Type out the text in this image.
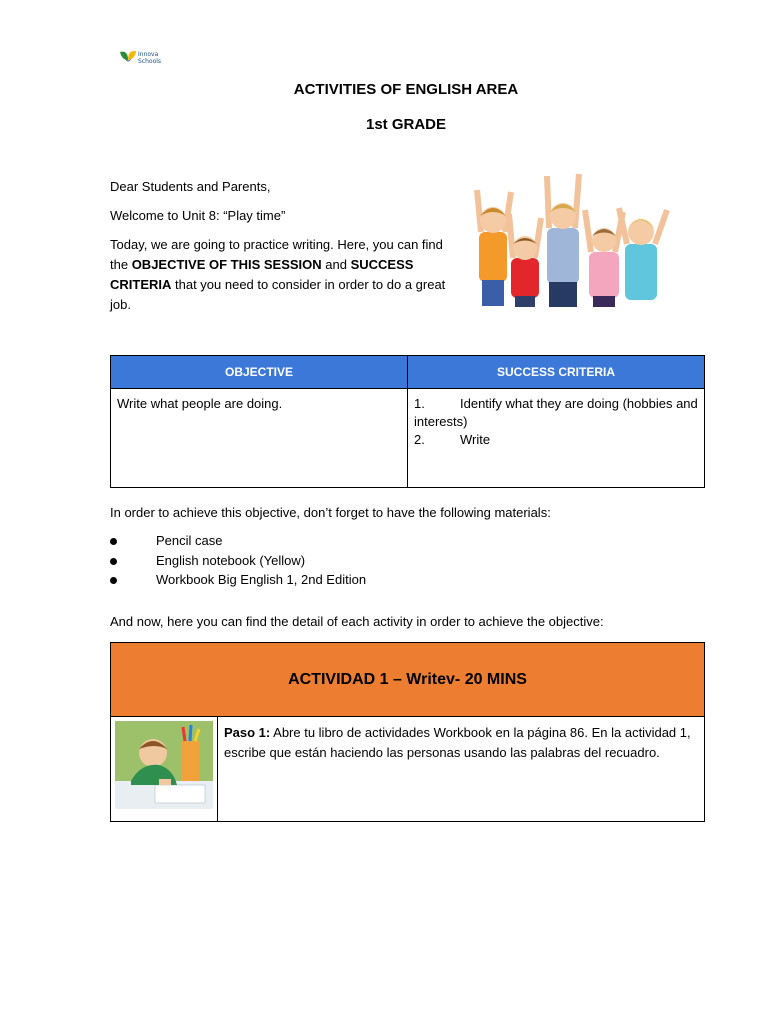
Innova
Schools
ACTIVITIES OF ENGLISH AREA
1st GRADE
Dear Students and Parents,
Welcome to Unit 8: “Play time”
Today, we are going to practice writing. Here, you can find the OBJECTIVE OF THIS SESSION and SUCCESS CRITERIA that you need to consider in order to do a great job.
OBJECTIVE	SUCCESS CRITERIA
Write what people are doing.	1. Identify what they are doing (hobbies and interests)
2. Write
In order to achieve this objective, don’t forget to have the following materials:
Pencil case
English notebook (Yellow)
Workbook Big English 1, 2nd Edition
And now, here you can find the detail of each activity in order to achieve the objective:
ACTIVIDAD 1 – Writev- 20 MINS

	Paso 1: Abre tu libro de actividades Workbook en la página 86. En la actividad 1, escribe que están haciendo las personas usando las palabras del recuadro.
